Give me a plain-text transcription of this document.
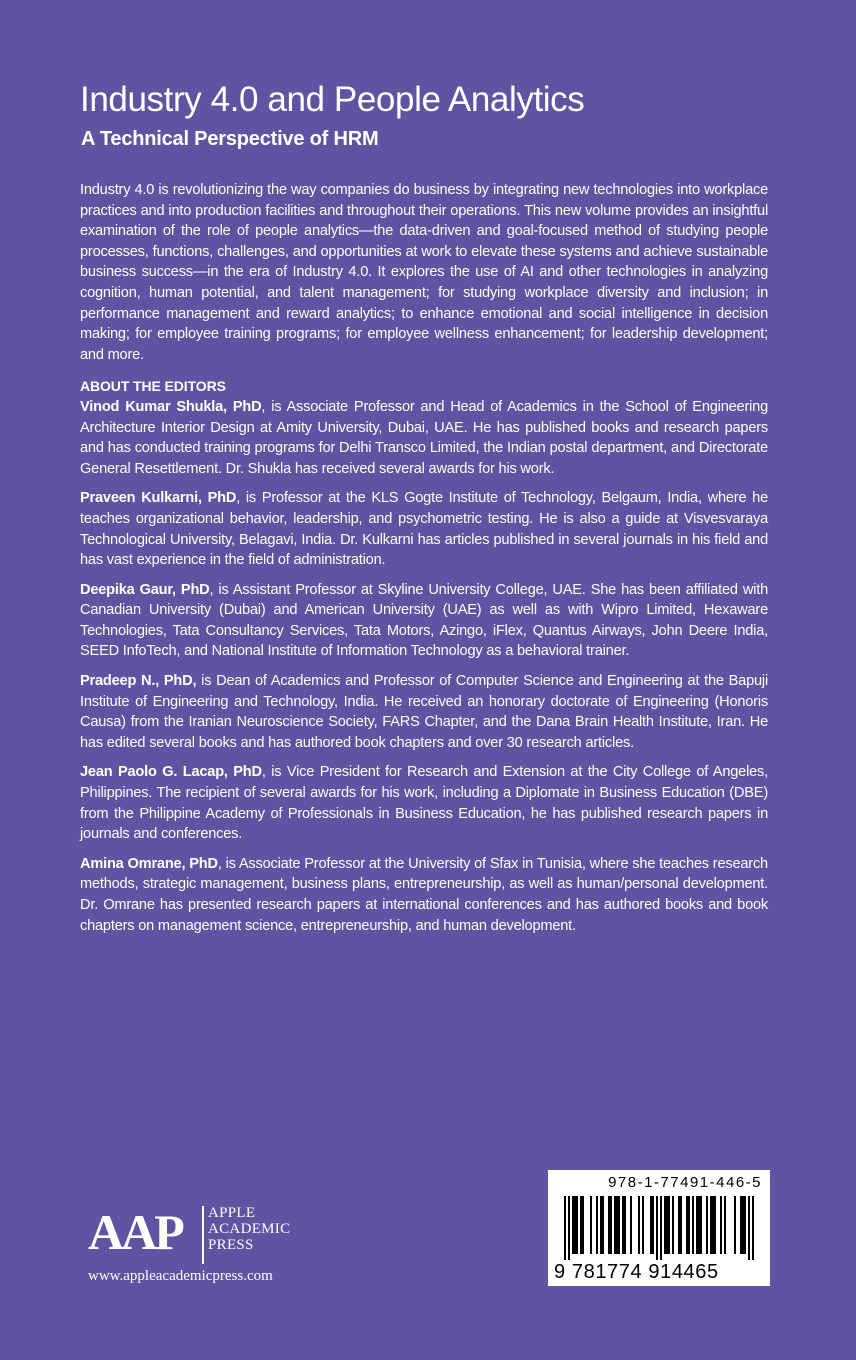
Industry 4.0 and People Analytics
A Technical Perspective of HRM

Industry 4.0 is revolutionizing the way companies do business by integrating new technologies into workplace practices and into production facilities and throughout their operations. This new volume provides an insightful examination of the role of people analytics—the data-driven and goal-focused method of studying people processes, functions, challenges, and opportunities at work to elevate these systems and achieve sustainable business success—in the era of Industry 4.0. It explores the use of AI and other technologies in analyzing cognition, human potential, and talent management; for studying workplace diversity and inclusion; in performance management and reward analytics; to enhance emotional and social intelligence in decision making; for employee training programs; for employee wellness enhancement; for leadership development; and more.

ABOUT THE EDITORS

Vinod Kumar Shukla, PhD, is Associate Professor and Head of Academics in the School of Engineering Architecture Interior Design at Amity University, Dubai, UAE. He has published books and research papers and has conducted training programs for Delhi Transco Limited, the Indian postal department, and Directorate General Resettlement. Dr. Shukla has received several awards for his work.

Praveen Kulkarni, PhD, is Professor at the KLS Gogte Institute of Technology, Belgaum, India, where he teaches organizational behavior, leadership, and psychometric testing. He is also a guide at Visvesvaraya Technological University, Belagavi, India. Dr. Kulkarni has articles published in several journals in his field and has vast experience in the field of administration.

Deepika Gaur, PhD, is Assistant Professor at Skyline University College, UAE. She has been affiliated with Canadian University (Dubai) and American University (UAE) as well as with Wipro Limited, Hexaware Technologies, Tata Consultancy Services, Tata Motors, Azingo, iFlex, Quantus Airways, John Deere India, SEED InfoTech, and National Institute of Information Technology as a behavioral trainer.

Pradeep N., PhD, is Dean of Academics and Professor of Computer Science and Engineering at the Bapuji Institute of Engineering and Technology, India. He received an honorary doctorate of Engineering (Honoris Causa) from the Iranian Neuroscience Society, FARS Chapter, and the Dana Brain Health Institute, Iran. He has edited several books and has authored book chapters and over 30 research articles.

Jean Paolo G. Lacap, PhD, is Vice President for Research and Extension at the City College of Angeles, Philippines. The recipient of several awards for his work, including a Diplomate in Business Education (DBE) from the Philippine Academy of Professionals in Business Education, he has published research papers in journals and conferences.

Amina Omrane, PhD, is Associate Professor at the University of Sfax in Tunisia, where she teaches research methods, strategic management, business plans, entrepreneurship, as well as human/personal development. Dr. Omrane has presented research papers at international conferences and has authored books and book chapters on management science, entrepreneurship, and human development.

AAP APPLE
ACADEMIC
PRESS
www.appleacademicpress.com
978-1-77491-446-5
9 781774 914465
